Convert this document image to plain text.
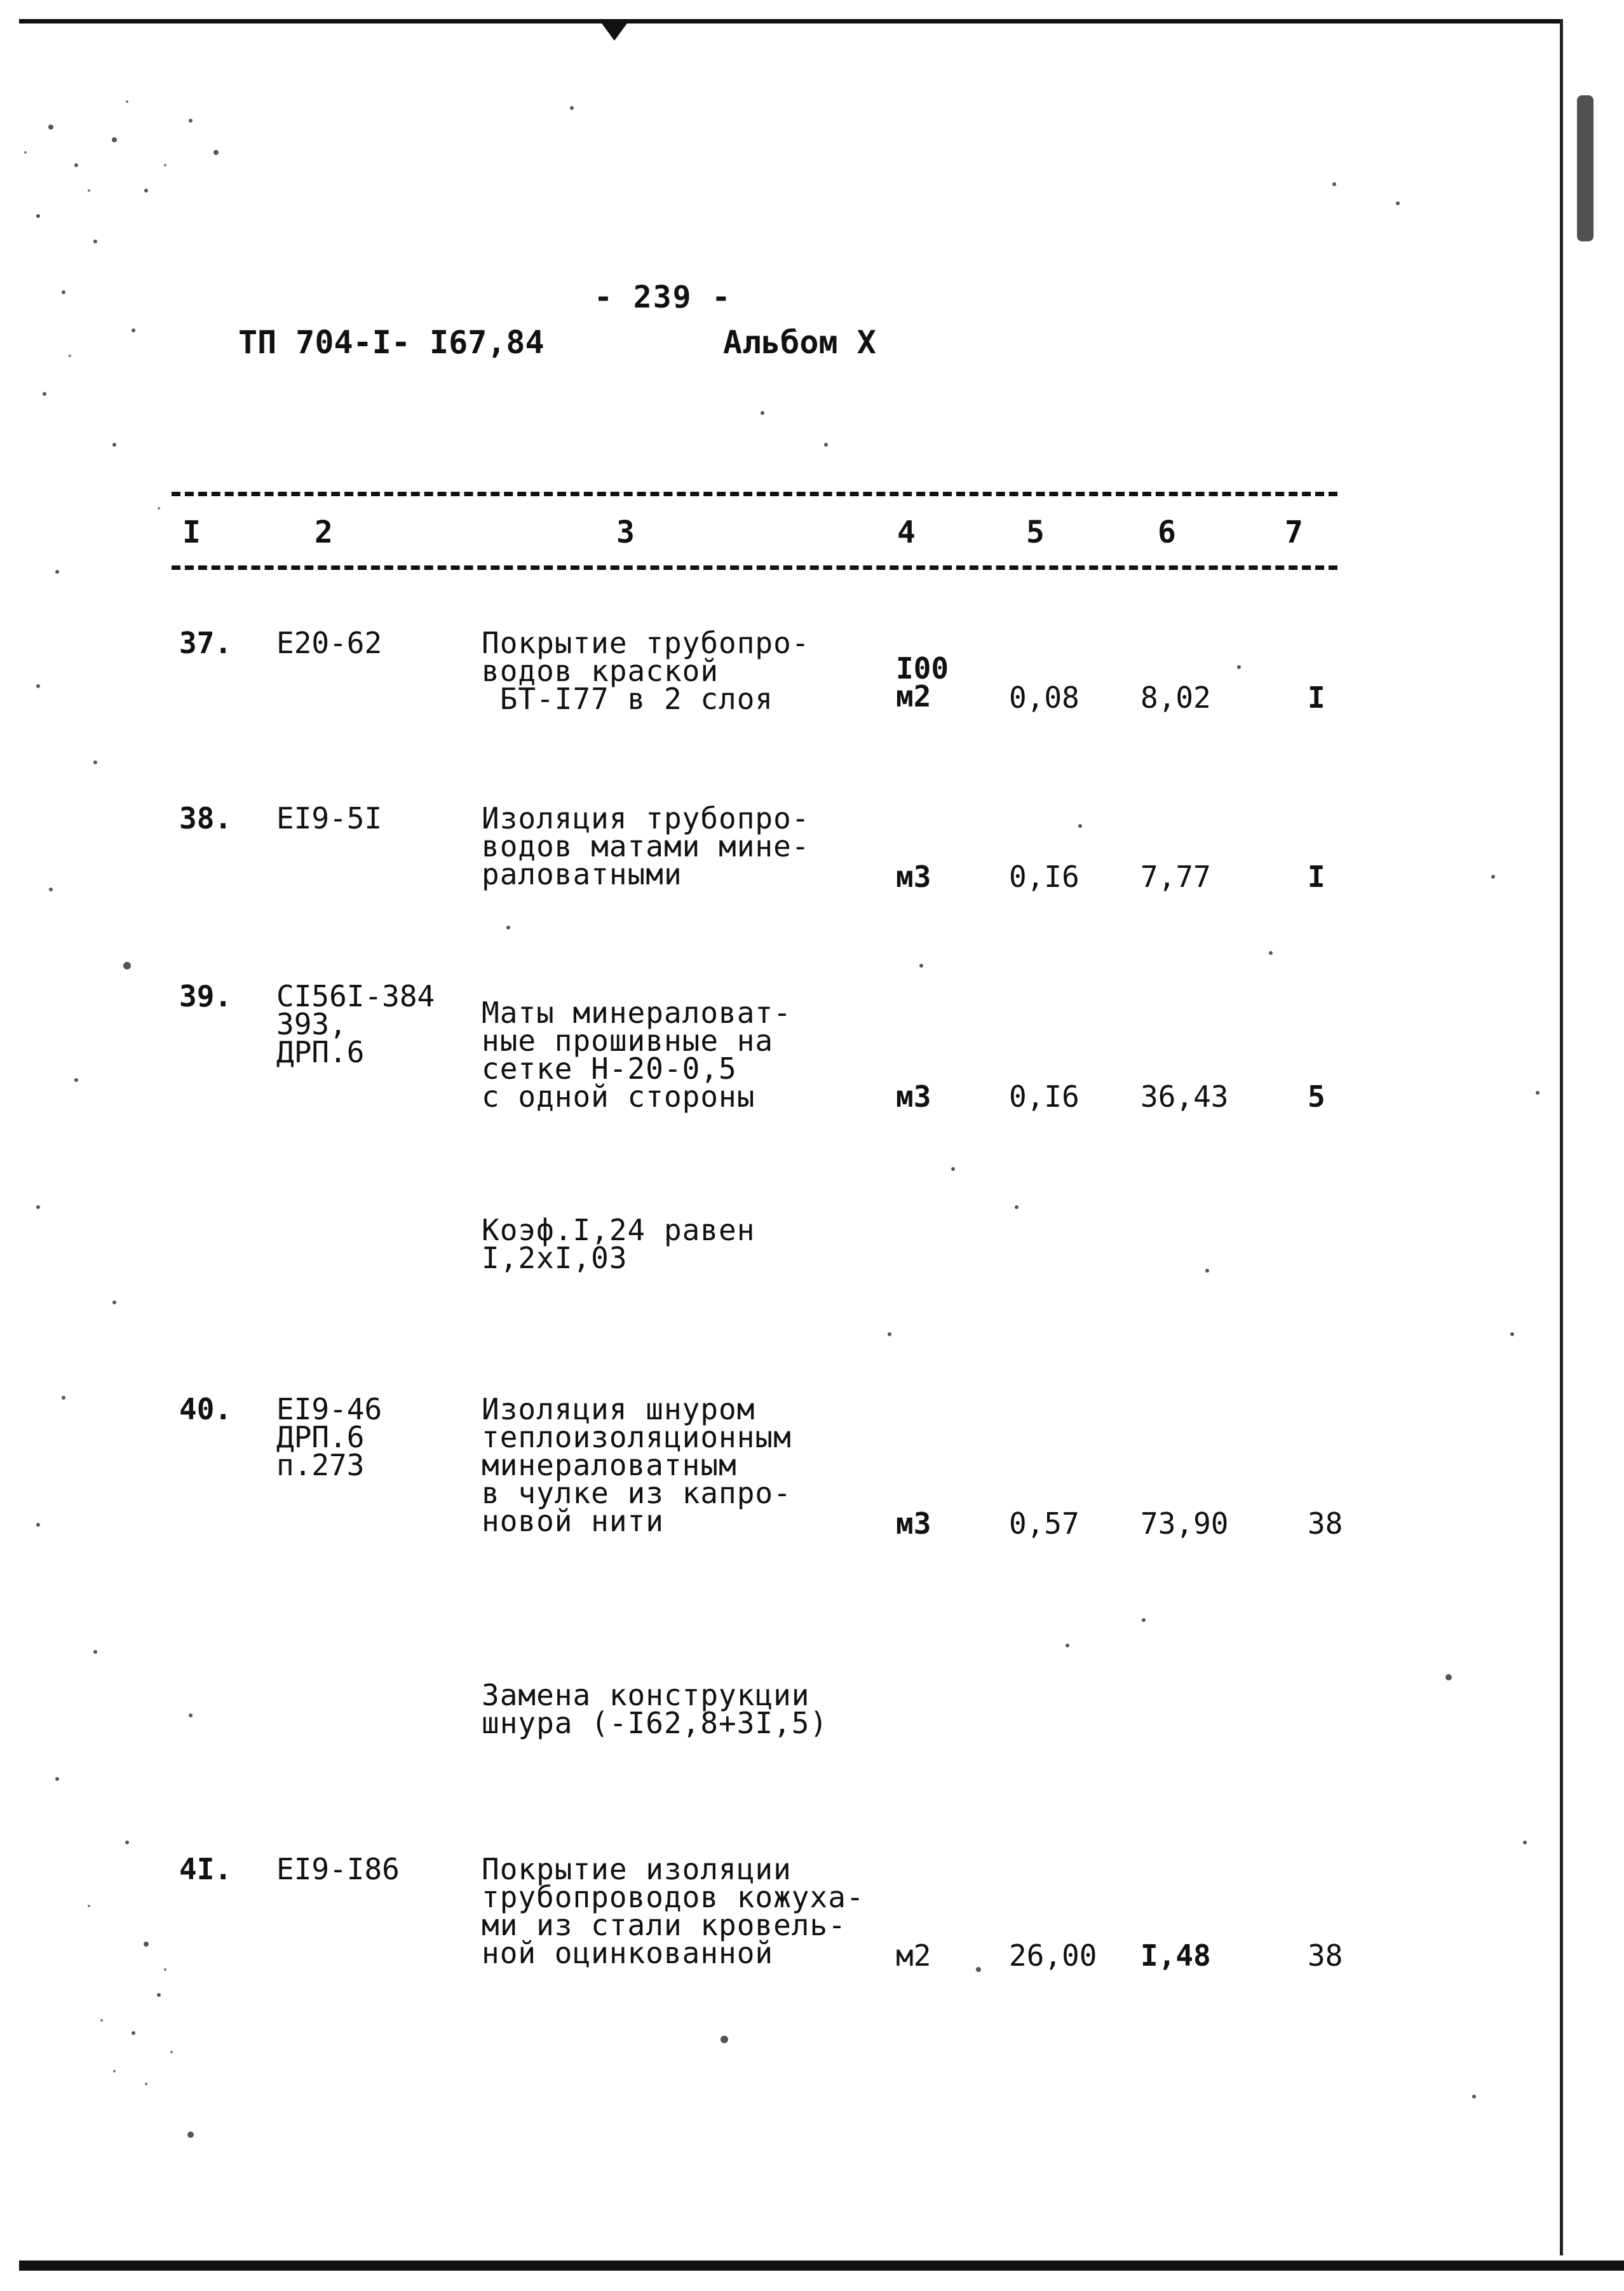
- 239 -
ТП 704-I- I67,84	Альбом X
I	2	3	4	5	6	7
37. Е20-62	Покрытие трубопро-
водов краской
БТ-I77 в 2 слоя
I00
м2	0,08 8,02	I
38. ЕI9-5I	Изоляция трубопро-
водов матами мине-
раловатными	м3	0,I6 7,77	I
39. СI56I-384
393,
ДРП.6
Маты минераловат-
ные прошивные на
сетке Н-20-0,5
с одной стороны	м3	0,I6 36,43	5
Коэф.I,24 равен
I,2хI,03
40. ЕI9-46
ДРП.6
п.273
Изоляция шнуром
теплоизоляционным
минераловатным
в чулке из капро-
новой нити	м3	0,57 73,90	38
Замена конструкции
шнура (-I62,8+3I,5)
4I. ЕI9-I86	Покрытие изоляции
трубопроводов кожуха-
ми из стали кровель-
ной оцинкованной	м2	26,00 I,48	38
